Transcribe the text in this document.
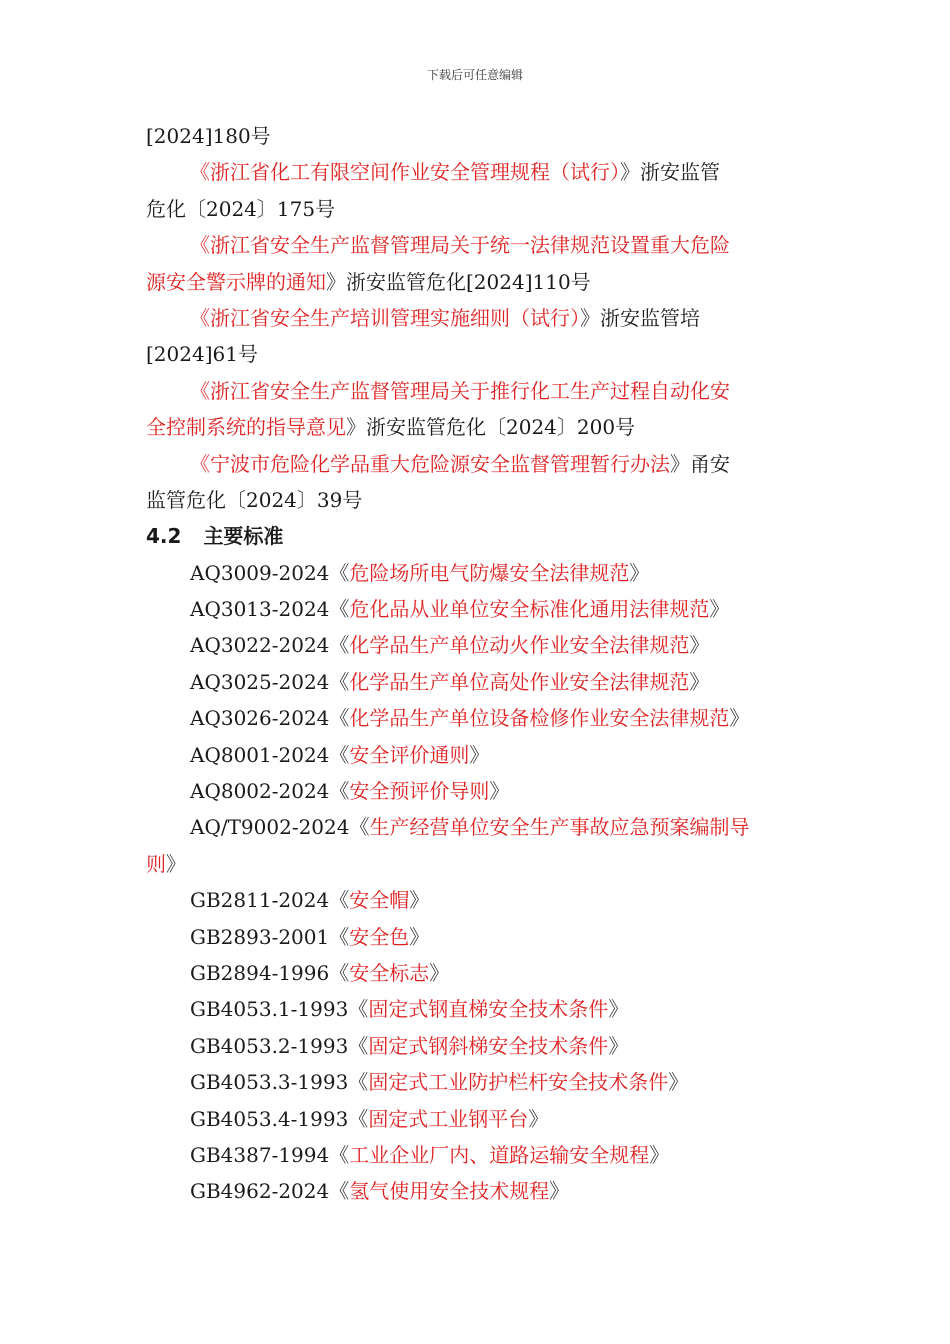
下载后可任意编辑
[2024]180号
《浙江省化工有限空间作业安全管理规程（试行）》浙安监管
危化〔2024〕175号
《浙江省安全生产监督管理局关于统一法律规范设置重大危险
源安全警示牌的通知》浙安监管危化[2024]110号
《浙江省安全生产培训管理实施细则（试行）》浙安监管培
[2024]61号
《浙江省安全生产监督管理局关于推行化工生产过程自动化安
全控制系统的指导意见》浙安监管危化〔2024〕200号
《宁波市危险化学品重大危险源安全监督管理暂行办法》甬安
监管危化〔2024〕39号
4.2 主要标准
AQ3009-2024《危险场所电气防爆安全法律规范》
AQ3013-2024《危化品从业单位安全标准化通用法律规范》
AQ3022-2024《化学品生产单位动火作业安全法律规范》
AQ3025-2024《化学品生产单位高处作业安全法律规范》
AQ3026-2024《化学品生产单位设备检修作业安全法律规范》
AQ8001-2024《安全评价通则》
AQ8002-2024《安全预评价导则》
AQ/T9002-2024《生产经营单位安全生产事故应急预案编制导
则》
GB2811-2024《安全帽》
GB2893-2001《安全色》
GB2894-1996《安全标志》
GB4053.1-1993《固定式钢直梯安全技术条件》
GB4053.2-1993《固定式钢斜梯安全技术条件》
GB4053.3-1993《固定式工业防护栏杆安全技术条件》
GB4053.4-1993《固定式工业钢平台》
GB4387-1994《工业企业厂内、道路运输安全规程》
GB4962-2024《氢气使用安全技术规程》
